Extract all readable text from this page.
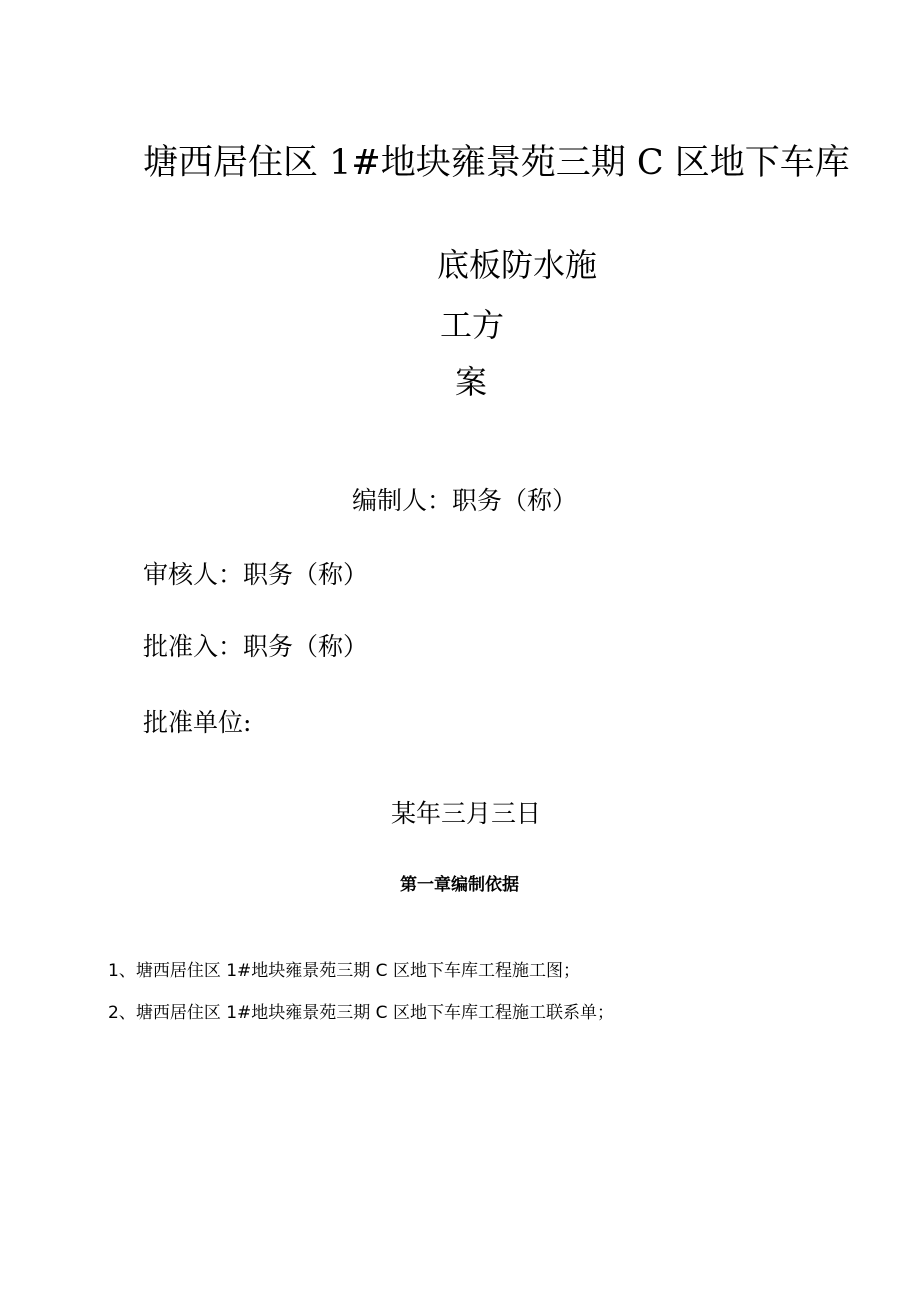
塘西居住区 1#地块雍景苑三期 C 区地下车库

底板防水施

工方

案

编制人：职务（称）

审核人：职务（称）

批准入：职务（称）

批准单位:

某年三月三日

第一章编制依据

1、塘西居住区 1#地块雍景苑三期 C 区地下车库工程施工图；

2、塘西居住区 1#地块雍景苑三期 C 区地下车库工程施工联系单；
